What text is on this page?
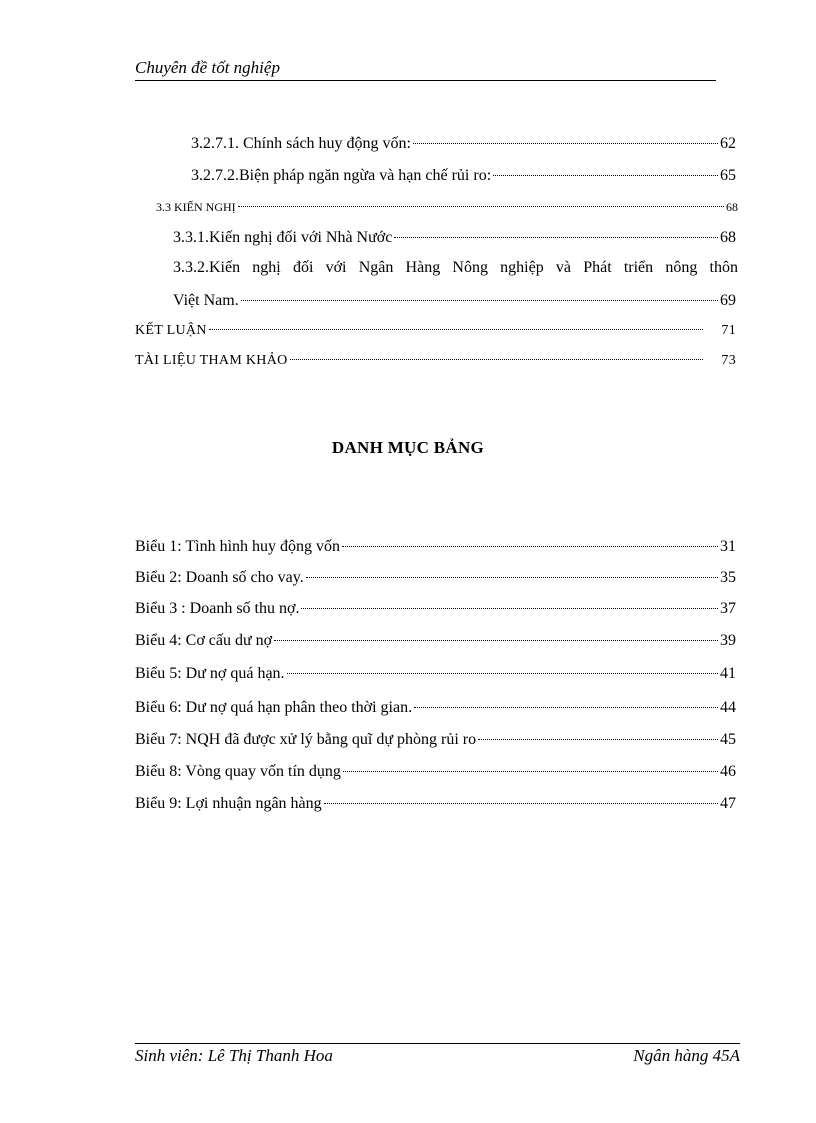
Chuyên đề tốt nghiệp
3.2.7.1. Chính sách huy động vốn:	62
3.2.7.2.Biện pháp ngăn ngừa và hạn chế rủi ro:	65
3.3 KIẾN NGHỊ	68
3.3.1.Kiến nghị đối với Nhà Nước	68
3.3.2.Kiến nghị đối với Ngân Hàng Nông nghiệp và Phát triển nông thôn
Việt Nam.	69
KẾT LUẬN	71
TÀI LIỆU THAM KHẢO	73
DANH MỤC BẢNG
Biểu 1: Tình hình huy động vốn	31
Biểu 2: Doanh số cho vay.	35
Biểu 3 : Doanh số thu nợ.	37
Biểu 4: Cơ cấu dư nợ	39
Biểu 5: Dư nợ quá hạn.	41
Biểu 6: Dư nợ quá hạn phân theo thời gian.	44
Biểu 7: NQH đã được xử lý bằng quĩ dự phòng rủi ro	45
Biểu 8: Vòng quay vốn tín dụng	46
Biểu 9: Lợi nhuận ngân hàng	47
Sinh viên: Lê Thị Thanh Hoa	Ngân hàng 45A
